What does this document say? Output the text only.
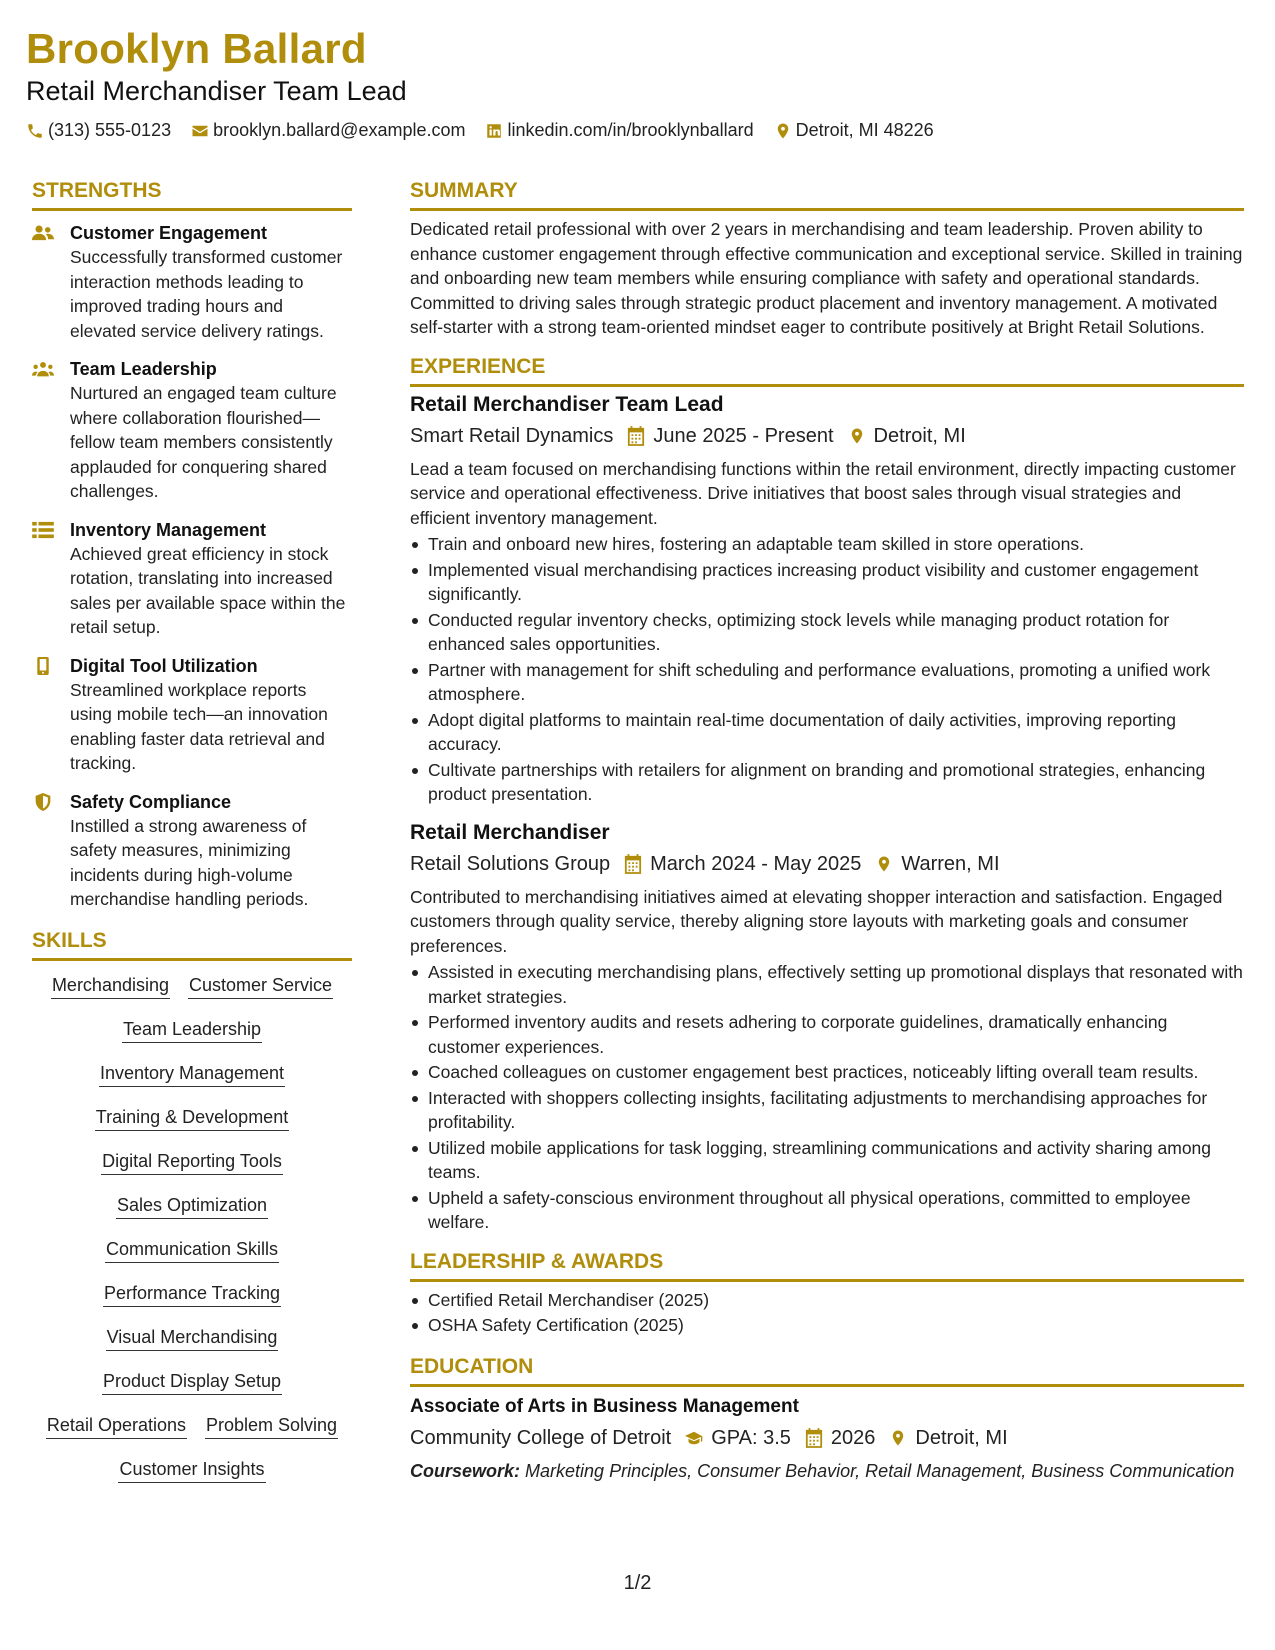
Brooklyn Ballard
Retail Merchandiser Team Lead
(313) 555-0123 brooklyn.ballard@example.com linkedin.com/in/brooklynballard Detroit, MI 48226
STRENGTHS
Customer Engagement
Successfully transformed customer interaction methods leading to improved trading hours and elevated service delivery ratings.
Team Leadership
Nurtured an engaged team culture where collaboration flourished—fellow team members consistently applauded for conquering shared challenges.
Inventory Management
Achieved great efficiency in stock rotation, translating into increased sales per available space within the retail setup.
Digital Tool Utilization
Streamlined workplace reports using mobile tech—an innovation enabling faster data retrieval and tracking.
Safety Compliance
Instilled a strong awareness of safety measures, minimizing incidents during high-volume merchandise handling periods.
SKILLS
Merchandising Customer Service
Team Leadership
Inventory Management
Training & Development
Digital Reporting Tools
Sales Optimization
Communication Skills
Performance Tracking
Visual Merchandising
Product Display Setup
Retail Operations Problem Solving
Customer Insights
SUMMARY
Dedicated retail professional with over 2 years in merchandising and team leadership. Proven ability to enhance customer engagement through effective communication and exceptional service. Skilled in training and onboarding new team members while ensuring compliance with safety and operational standards. Committed to driving sales through strategic product placement and inventory management. A motivated self-starter with a strong team-oriented mindset eager to contribute positively at Bright Retail Solutions.
EXPERIENCE
Retail Merchandiser Team Lead
Smart Retail Dynamics June 2025 - Present Detroit, MI
Lead a team focused on merchandising functions within the retail environment, directly impacting customer service and operational effectiveness. Drive initiatives that boost sales through visual strategies and efficient inventory management.
Train and onboard new hires, fostering an adaptable team skilled in store operations.
Implemented visual merchandising practices increasing product visibility and customer engagement significantly.
Conducted regular inventory checks, optimizing stock levels while managing product rotation for enhanced sales opportunities.
Partner with management for shift scheduling and performance evaluations, promoting a unified work atmosphere.
Adopt digital platforms to maintain real-time documentation of daily activities, improving reporting accuracy.
Cultivate partnerships with retailers for alignment on branding and promotional strategies, enhancing product presentation.
Retail Merchandiser
Retail Solutions Group March 2024 - May 2025 Warren, MI
Contributed to merchandising initiatives aimed at elevating shopper interaction and satisfaction. Engaged customers through quality service, thereby aligning store layouts with marketing goals and consumer preferences.
Assisted in executing merchandising plans, effectively setting up promotional displays that resonated with market strategies.
Performed inventory audits and resets adhering to corporate guidelines, dramatically enhancing customer experiences.
Coached colleagues on customer engagement best practices, noticeably lifting overall team results.
Interacted with shoppers collecting insights, facilitating adjustments to merchandising approaches for profitability.
Utilized mobile applications for task logging, streamlining communications and activity sharing among teams.
Upheld a safety-conscious environment throughout all physical operations, committed to employee welfare.
LEADERSHIP & AWARDS
Certified Retail Merchandiser (2025)
OSHA Safety Certification (2025)
EDUCATION
Associate of Arts in Business Management
Community College of Detroit GPA: 3.5 2026 Detroit, MI
Coursework: Marketing Principles, Consumer Behavior, Retail Management, Business Communication
1/2
